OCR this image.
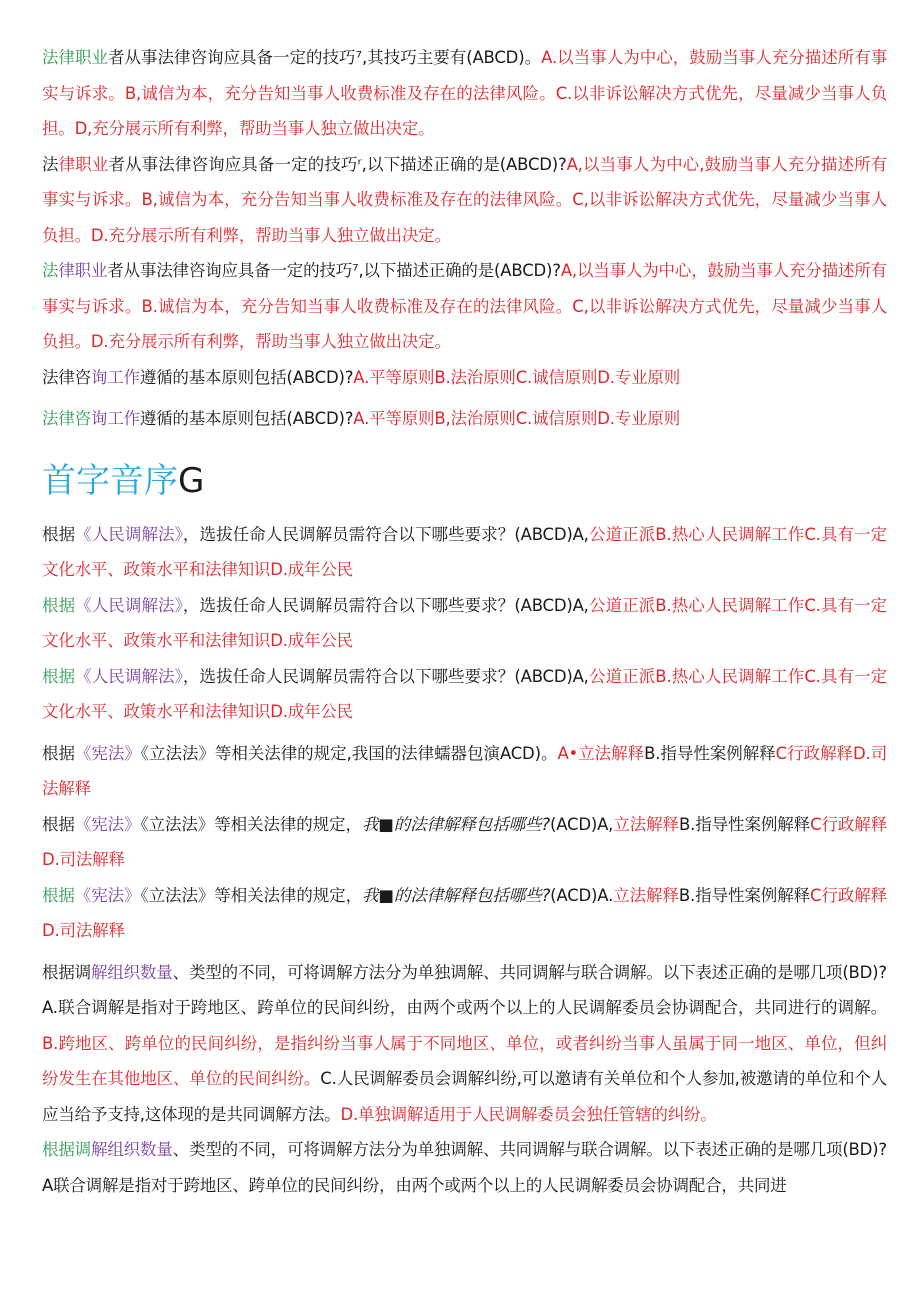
法律职业者从事法律咨询应具备一定的技巧⁷,其技巧主要有(ABCD)。A.以当事人为中心，鼓励当事人充分描述所有事实与诉求。B,诚信为本，充分告知当事人收费标准及存在的法律风险。C.以非诉讼解决方式优先，尽量减少当事人负担。D,充分展示所有利弊，帮助当事人独立做出决定。

法律职业者从事法律咨询应具备一定的技巧ʳ,以下描述正确的是(ABCD)?A,以当事人为中心,鼓励当事人充分描述所有事实与诉求。B,诚信为本，充分告知当事人收费标准及存在的法律风险。C,以非诉讼解决方式优先，尽量减少当事人负担。D.充分展示所有利弊，帮助当事人独立做出决定。

法律职业者从事法律咨询应具备一定的技巧⁷,以下描述正确的是(ABCD)?A,以当事人为中心，鼓励当事人充分描述所有事实与诉求。B.诚信为本，充分告知当事人收费标准及存在的法律风险。C,以非诉讼解决方式优先，尽量减少当事人负担。D.充分展示所有利弊，帮助当事人独立做出决定。

法律咨询工作遵循的基本原则包括(ABCD)?A.平等原则B.法治原则C.诚信原则D.专业原则

法律咨询工作遵循的基本原则包括(ABCD)?A.平等原则B,法治原则C.诚信原则D.专业原则

首字音序G

根据《人民调解法》，选拔任命人民调解员需符合以下哪些要求？(ABCD)A,公道正派B.热心人民调解工作C.具有一定文化水平、政策水平和法律知识D.成年公民

根据《人民调解法》，选拔任命人民调解员需符合以下哪些要求？(ABCD)A,公道正派B.热心人民调解工作C.具有一定文化水平、政策水平和法律知识D.成年公民

根据《人民调解法》，选拔任命人民调解员需符合以下哪些要求？(ABCD)A,公道正派B.热心人民调解工作C.具有一定文化水平、政策水平和法律知识D.成年公民

根据《宪法》《立法法》等相关法律的规定,我国的法律蠕器包演ACD)。A•立法解释B.指导性案例解释C行政解释D.司法解释

根据《宪法》《立法法》等相关法律的规定，我■的法律解释包括哪些?(ACD)A,立法解释B.指导性案例解释C行政解释D.司法解释

根据《宪法》《立法法》等相关法律的规定，我■的法律解释包括哪些?(ACD)A.立法解释B.指导性案例解释C行政解释D.司法解释

根据调解组织数量、类型的不同，可将调解方法分为单独调解、共同调解与联合调解。以下表述正确的是哪几项(BD)?A.联合调解是指对于跨地区、跨单位的民间纠纷，由两个或两个以上的人民调解委员会协调配合，共同进行的调解。B.跨地区、跨单位的民间纠纷，是指纠纷当事人属于不同地区、单位，或者纠纷当事人虽属于同一地区、单位，但纠纷发生在其他地区、单位的民间纠纷。C.人民调解委员会调解纠纷,可以邀请有关单位和个人参加,被邀请的单位和个人应当给予支持,这体现的是共同调解方法。D.单独调解适用于人民调解委员会独任管辖的纠纷。

根据调解组织数量、类型的不同，可将调解方法分为单独调解、共同调解与联合调解。以下表述正确的是哪几项(BD)?A联合调解是指对于跨地区、跨单位的民间纠纷，由两个或两个以上的人民调解委员会协调配合，共同进
